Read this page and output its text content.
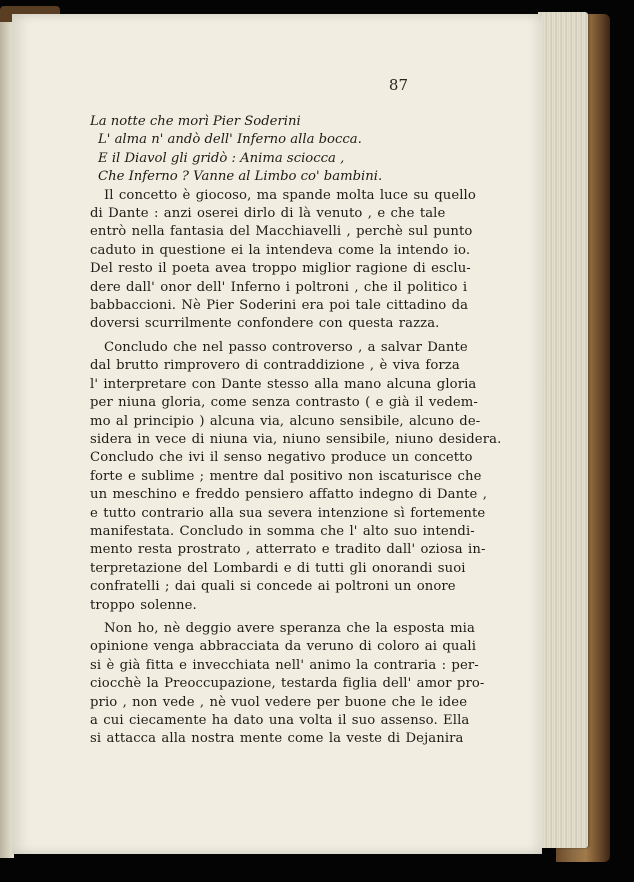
87
La notte che morì Pier Soderini
L' alma n' andò dell' Inferno alla bocca.
E il Diavol gli gridò : Anima sciocca ,
Che Inferno ? Vanne al Limbo co' bambini.

Il concetto è giocoso, ma spande molta luce su quello
di Dante : anzi oserei dirlo di là venuto , e che tale
entrò nella fantasia del Macchiavelli , perchè sul punto
caduto in questione ei la intendeva come la intendo io.
Del resto il poeta avea troppo miglior ragione di esclu-
dere dall' onor dell' Inferno i poltroni , che il politico i
babbaccioni. Nè Pier Soderini era poi tale cittadino da
doversi scurrilmente confondere con questa razza.

Concludo che nel passo controverso , a salvar Dante
dal brutto rimprovero di contraddizione , è viva forza
l' interpretare con Dante stesso alla mano alcuna gloria
per niuna gloria, come senza contrasto ( e già il vedem-
mo al principio ) alcuna via, alcuno sensibile, alcuno de-
sidera in vece di niuna via, niuno sensibile, niuno desidera.
Concludo che ivi il senso negativo produce un concetto
forte e sublime ; mentre dal positivo non iscaturisce che
un meschino e freddo pensiero affatto indegno di Dante ,
e tutto contrario alla sua severa intenzione sì fortemente
manifestata. Concludo in somma che l' alto suo intendi-
mento resta prostrato , atterrato e tradito dall' oziosa in-
terpretazione del Lombardi e di tutti gli onorandi suoi
confratelli ; dai quali si concede ai poltroni un onore
troppo solenne.

Non ho, nè deggio avere speranza che la esposta mia
opinione venga abbracciata da veruno di coloro ai quali
si è già fitta e invecchiata nell' animo la contraria : per-
ciocchè la Preoccupazione, testarda figlia dell' amor pro-
prio , non vede , nè vuol vedere per buone che le idee
a cui ciecamente ha dato una volta il suo assenso. Ella
si attacca alla nostra mente come la veste di Dejanira
